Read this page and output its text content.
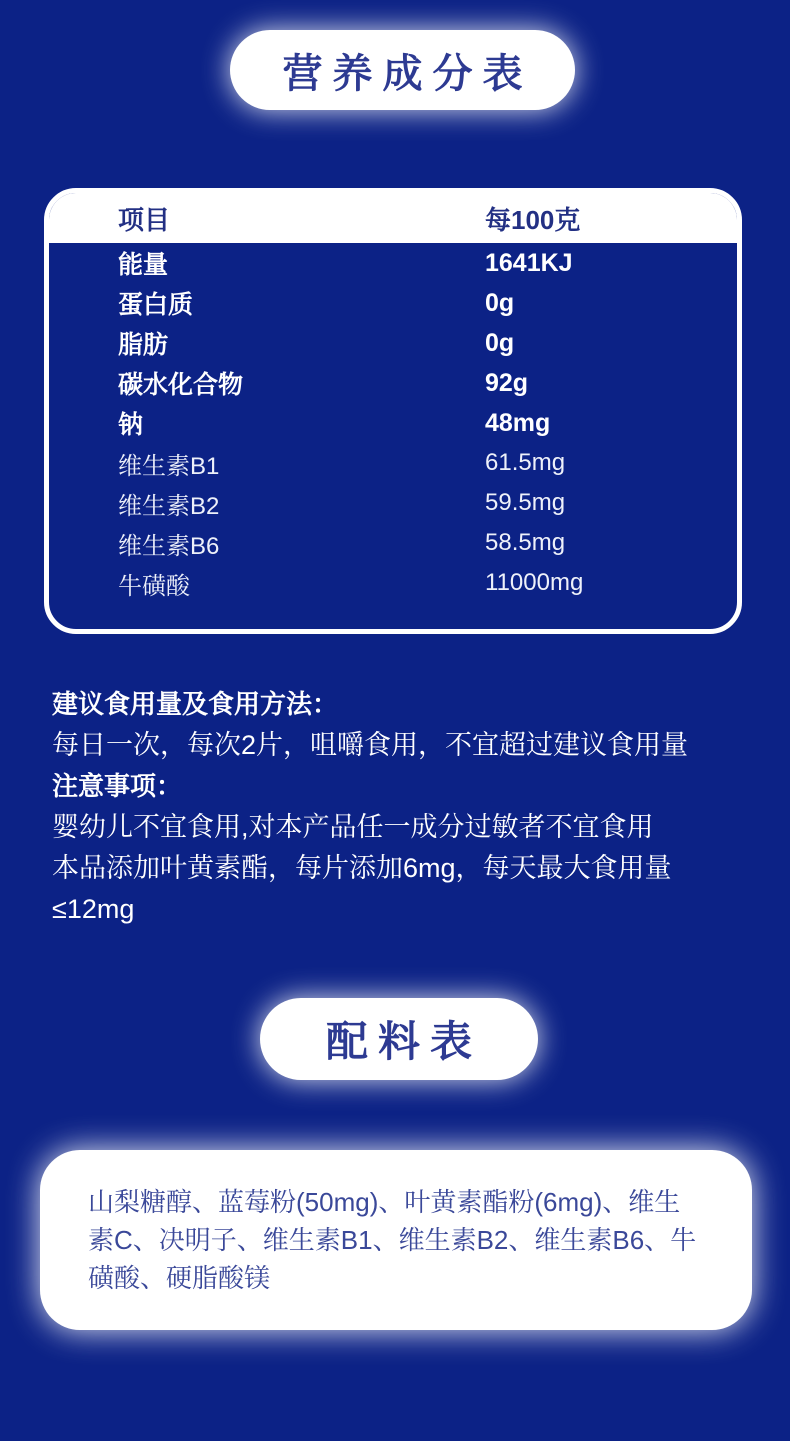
营养成分表
项目	每100克
能量	1641KJ
蛋白质	0g
脂肪	0g
碳水化合物	92g
钠	48mg
维生素B1	61.5mg
维生素B2	59.5mg
维生素B6	58.5mg
牛磺酸	11000mg

建议食用量及食用方法：

每日一次，每次2片，咀嚼食用，不宜超过建议食用量

注意事项：

婴幼儿不宜食用,对本产品任一成分过敏者不宜食用

本品添加叶黄素酯，每片添加6mg，每天最大食用量≤12mg

配料表

山梨糖醇、蓝莓粉(50mg)、叶黄素酯粉(6mg)、维生素C、决明子、维生素B1、维生素B2、维生素B6、牛磺酸、硬脂酸镁
